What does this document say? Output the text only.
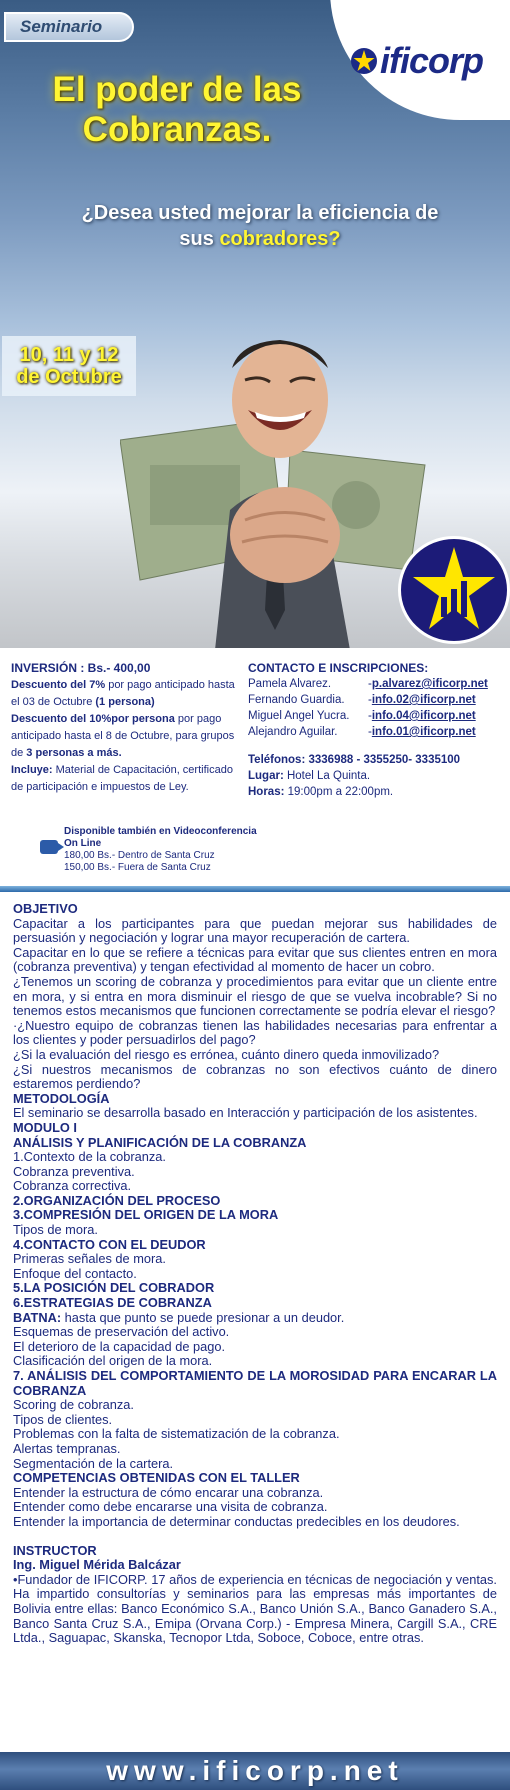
Seminario
ificorp
El poder de las
Cobranzas.
¿Desea usted mejorar la eficiencia de
sus cobradores?
10, 11 y 12
de Octubre
INVERSIÓN : Bs.- 400,00
Descuento del 7% por pago anticipado hasta el 03 de Octubre (1 persona)
Descuento del 10%por persona por pago anticipado hasta el 8 de Octubre, para grupos de 3 personas a más.
Incluye: Material de Capacitación, certificado de participación e impuestos de Ley.
CONTACTO E INSCRIPCIONES:
Pamela Alvarez.	- p.alvarez@ificorp.net
Fernando Guardia.	- info.02@ificorp.net
Miguel Angel Yucra.	- info.04@ificorp.net
Alejandro Aguilar.	- info.01@ificorp.net
Teléfonos: 3336988 - 3355250- 3335100
Lugar: Hotel La Quinta.
Horas: 19:00pm a 22:00pm.
Disponible también en Videoconferencia
On Line
180,00 Bs.- Dentro de Santa Cruz
150,00 Bs.- Fuera de Santa Cruz
OBJETIVO
Capacitar a los participantes para que puedan mejorar sus habilidades de persuasión y negociación y lograr una mayor recuperación de cartera.
Capacitar en lo que se refiere a técnicas para evitar que sus clientes entren en mora (cobranza preventiva) y tengan efectividad al momento de hacer un cobro.
¿Tenemos un scoring de cobranza y procedimientos para evitar que un cliente entre en mora, y si entra en mora disminuir el riesgo de que se vuelva incobrable? Si no tenemos estos mecanismos que funcionen correctamente se podría elevar el riesgo?
·¿Nuestro equipo de cobranzas tienen las habilidades necesarias para enfrentar a los clientes y poder persuadirlos del pago?
¿Si la evaluación del riesgo es errónea, cuánto dinero queda inmovilizado?
¿Si nuestros mecanismos de cobranzas no son efectivos cuánto de dinero estaremos perdiendo?
METODOLOGÍA
El seminario se desarrolla basado en Interacción y participación de los asistentes.
MODULO I
ANÁLISIS Y PLANIFICACIÓN DE LA COBRANZA
1.Contexto de la cobranza.
Cobranza preventiva.
Cobranza correctiva.
2.ORGANIZACIÓN DEL PROCESO
3.COMPRESIÓN DEL ORIGEN DE LA MORA
Tipos de mora.
4.CONTACTO CON EL DEUDOR
Primeras señales de mora.
Enfoque del contacto.
5.LA POSICIÓN DEL COBRADOR
6.ESTRATEGIAS DE COBRANZA
BATNA: hasta que punto se puede presionar a un deudor.
Esquemas de preservación del activo.
El deterioro de la capacidad de pago.
Clasificación del origen de la mora.
7. ANÁLISIS DEL COMPORTAMIENTO DE LA MOROSIDAD PARA ENCARAR LA COBRANZA
Scoring de cobranza.
Tipos de clientes.
Problemas con la falta de sistematización de la cobranza.
Alertas tempranas.
Segmentación de la cartera.
COMPETENCIAS OBTENIDAS CON EL TALLER
Entender la estructura de cómo encarar una cobranza.
Entender como debe encararse una visita de cobranza.
Entender la importancia de determinar conductas predecibles en los deudores.
INSTRUCTOR
Ing. Miguel Mérida Balcázar
•Fundador de IFICORP. 17 años de experiencia en técnicas de negociación y ventas. Ha impartido consultorías y seminarios para las empresas más importantes de Bolivia entre ellas: Banco Económico S.A., Banco Unión S.A., Banco Ganadero S.A., Banco Santa Cruz S.A., Emipa (Orvana Corp.) - Empresa Minera, Cargill S.A., CRE Ltda., Saguapac, Skanska, Tecnopor Ltda, Soboce, Coboce, entre otras.
www.ificorp.net
